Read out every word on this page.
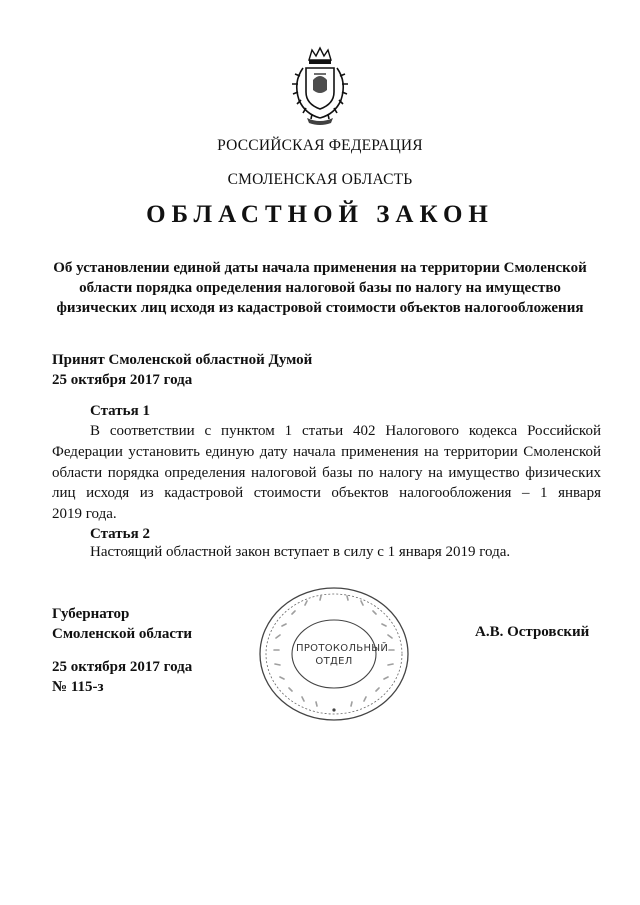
РОССИЙСКАЯ ФЕДЕРАЦИЯ
СМОЛЕНСКАЯ ОБЛАСТЬ
ОБЛАСТНОЙ ЗАКОН
Об установлении единой даты начала применения на территории Смоленской
области порядка определения налоговой базы по налогу на имущество
физических лиц исходя из кадастровой стоимости объектов налогообложения
Принят Смоленской областной Думой
25 октября 2017 года
Статья 1
В соответствии с пунктом 1 статьи 402 Налогового кодекса Российской
Федерации установить единую дату начала применения на территории Смоленской
области порядка определения налоговой базы по налогу на имущество физических
лиц исходя из кадастровой стоимости объектов налогообложения – 1 января
2019 года.
Статья 2
Настоящий областной закон вступает в силу с 1 января 2019 года.
Губернатор
Смоленской области	А.В. Островский
25 октября 2017 года
№ 115-з
ПРОТОКОЛЬНЫЙ
ОТДЕЛ
